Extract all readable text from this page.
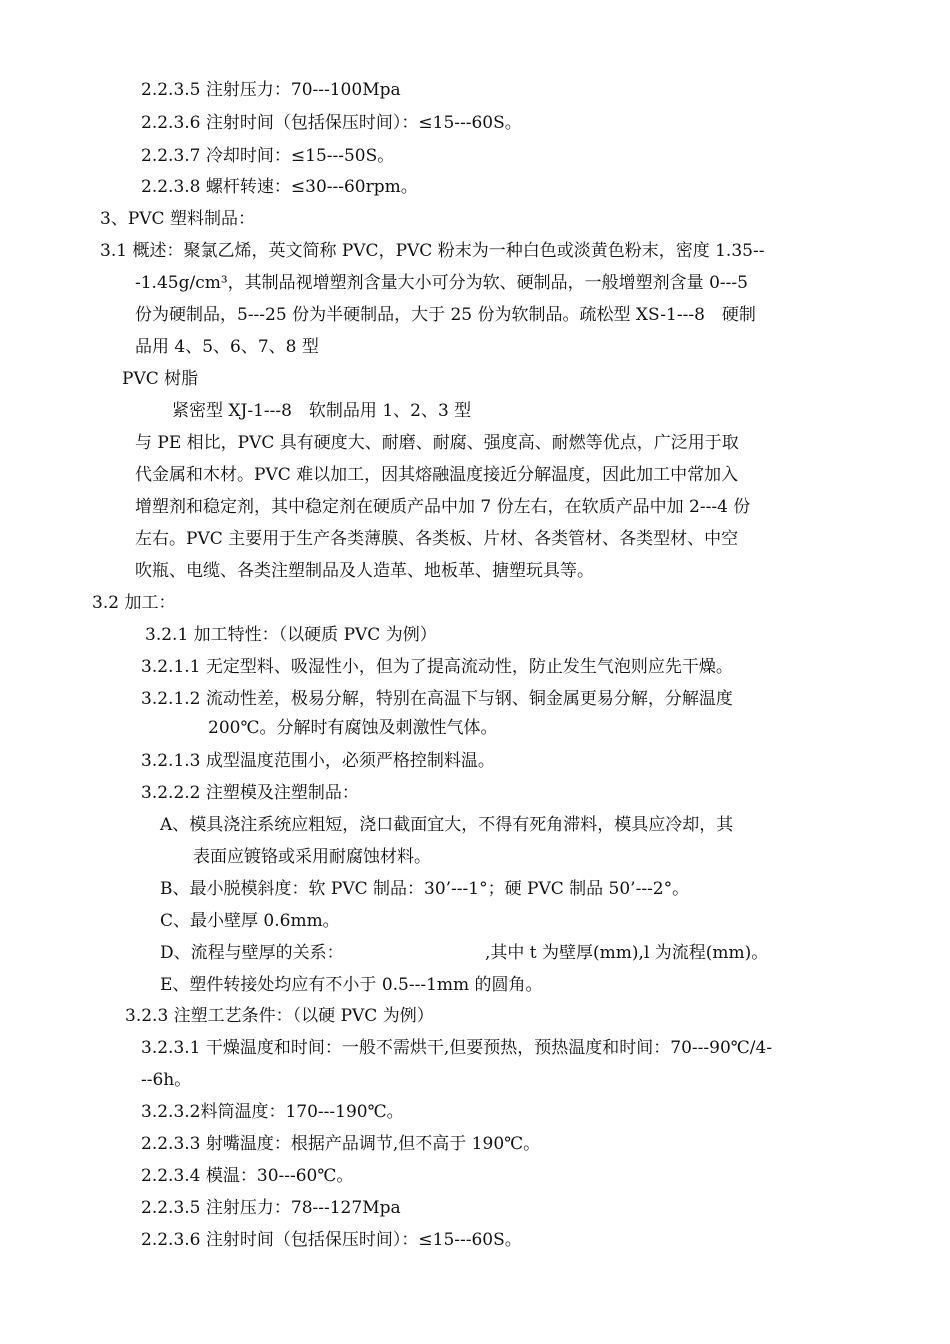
2.2.3.5 注射压力：70---100Mpa
2.2.3.6 注射时间（包括保压时间）：≤15---60S。
2.2.3.7 冷却时间：≤15---50S。
2.2.3.8 螺杆转速：≤30---60rpm。
3、PVC 塑料制品：
3.1 概述：聚氯乙烯，英文简称 PVC，PVC 粉末为一种白色或淡黄色粉末，密度 1.35--
-1.45g/cm³，其制品视增塑剂含量大小可分为软、硬制品，一般增塑剂含量 0---5
份为硬制品，5---25 份为半硬制品，大于 25 份为软制品。疏松型 XS-1---8　硬制
品用 4、5、6、7、8 型
PVC 树脂
紧密型 XJ-1---8　软制品用 1、2、3 型
与 PE 相比，PVC 具有硬度大、耐磨、耐腐、强度高、耐燃等优点，广泛用于取
代金属和木材。PVC 难以加工，因其熔融温度接近分解温度，因此加工中常加入
增塑剂和稳定剂，其中稳定剂在硬质产品中加 7 份左右，在软质产品中加 2---4 份
左右。PVC 主要用于生产各类薄膜、各类板、片材、各类管材、各类型材、中空
吹瓶、电缆、各类注塑制品及人造革、地板革、搪塑玩具等。
3.2 加工：
3.2.1 加工特性：（以硬质 PVC 为例）
3.2.1.1 无定型料、吸湿性小，但为了提高流动性，防止发生气泡则应先干燥。
3.2.1.2 流动性差，极易分解，特别在高温下与钢、铜金属更易分解，分解温度
200℃。分解时有腐蚀及刺激性气体。
3.2.1.3 成型温度范围小，必须严格控制料温。
3.2.2.2 注塑模及注塑制品：
A、模具浇注系统应粗短，浇口截面宜大，不得有死角滞料，模具应冷却，其
表面应镀铬或采用耐腐蚀材料。
B、最小脱模斜度：软 PVC 制品：30’---1°；硬 PVC 制品 50’---2°。
C、最小壁厚 0.6mm。
D、流程与壁厚的关系：	,其中 t 为壁厚(mm),l 为流程(mm)。
E、塑件转接处均应有不小于 0.5---1mm 的圆角。
3.2.3 注塑工艺条件：（以硬 PVC 为例）
3.2.3.1 干燥温度和时间：一般不需烘干,但要预热，预热温度和时间：70---90℃/4-
--6h。
3.2.3.2料筒温度：170---190℃。
2.2.3.3 射嘴温度：根据产品调节,但不高于 190℃。
2.2.3.4 模温：30---60℃。
2.2.3.5 注射压力：78---127Mpa
2.2.3.6 注射时间（包括保压时间）：≤15---60S。
